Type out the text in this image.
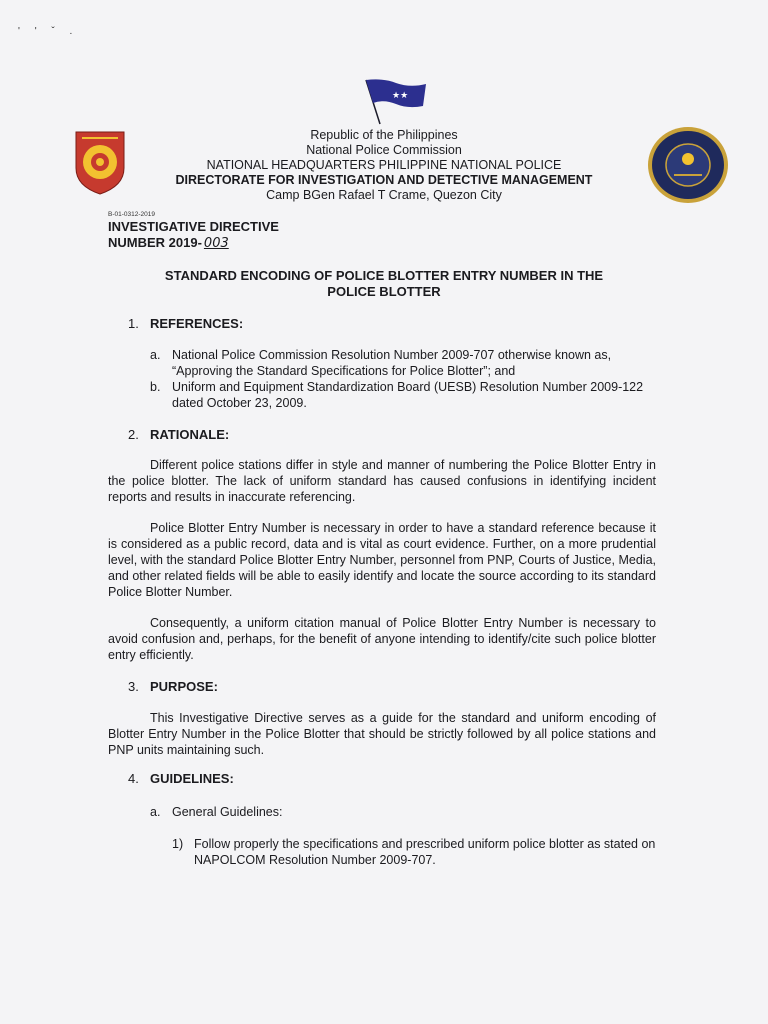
' ' ˇ .
★★
Republic of the Philippines
National Police Commission
NATIONAL HEADQUARTERS PHILIPPINE NATIONAL POLICE
DIRECTORATE FOR INVESTIGATION AND DETECTIVE MANAGEMENT
Camp BGen Rafael T Crame, Quezon City
B-01-0312-2019
INVESTIGATIVE DIRECTIVE
NUMBER 2019- 003
STANDARD ENCODING OF POLICE BLOTTER ENTRY NUMBER IN THE
POLICE BLOTTER
1. REFERENCES:
a. National Police Commission Resolution Number 2009-707 otherwise known as, “Approving the Standard Specifications for Police Blotter”; and
b. Uniform and Equipment Standardization Board (UESB) Resolution Number 2009-122 dated October 23, 2009.
2. RATIONALE:
Different police stations differ in style and manner of numbering the Police Blotter Entry in the police blotter. The lack of uniform standard has caused confusions in identifying incident reports and results in inaccurate referencing.
Police Blotter Entry Number is necessary in order to have a standard reference because it is considered as a public record, data and is vital as court evidence. Further, on a more prudential level, with the standard Police Blotter Entry Number, personnel from PNP, Courts of Justice, Media, and other related fields will be able to easily identify and locate the source according to its standard Police Blotter Number.
Consequently, a uniform citation manual of Police Blotter Entry Number is necessary to avoid confusion and, perhaps, for the benefit of anyone intending to identify/cite such police blotter entry efficiently.
3. PURPOSE:
This Investigative Directive serves as a guide for the standard and uniform encoding of Blotter Entry Number in the Police Blotter that should be strictly followed by all police stations and PNP units maintaining such.
4. GUIDELINES:
a. General Guidelines:
1) Follow properly the specifications and prescribed uniform police blotter as stated on NAPOLCOM Resolution Number 2009-707.
